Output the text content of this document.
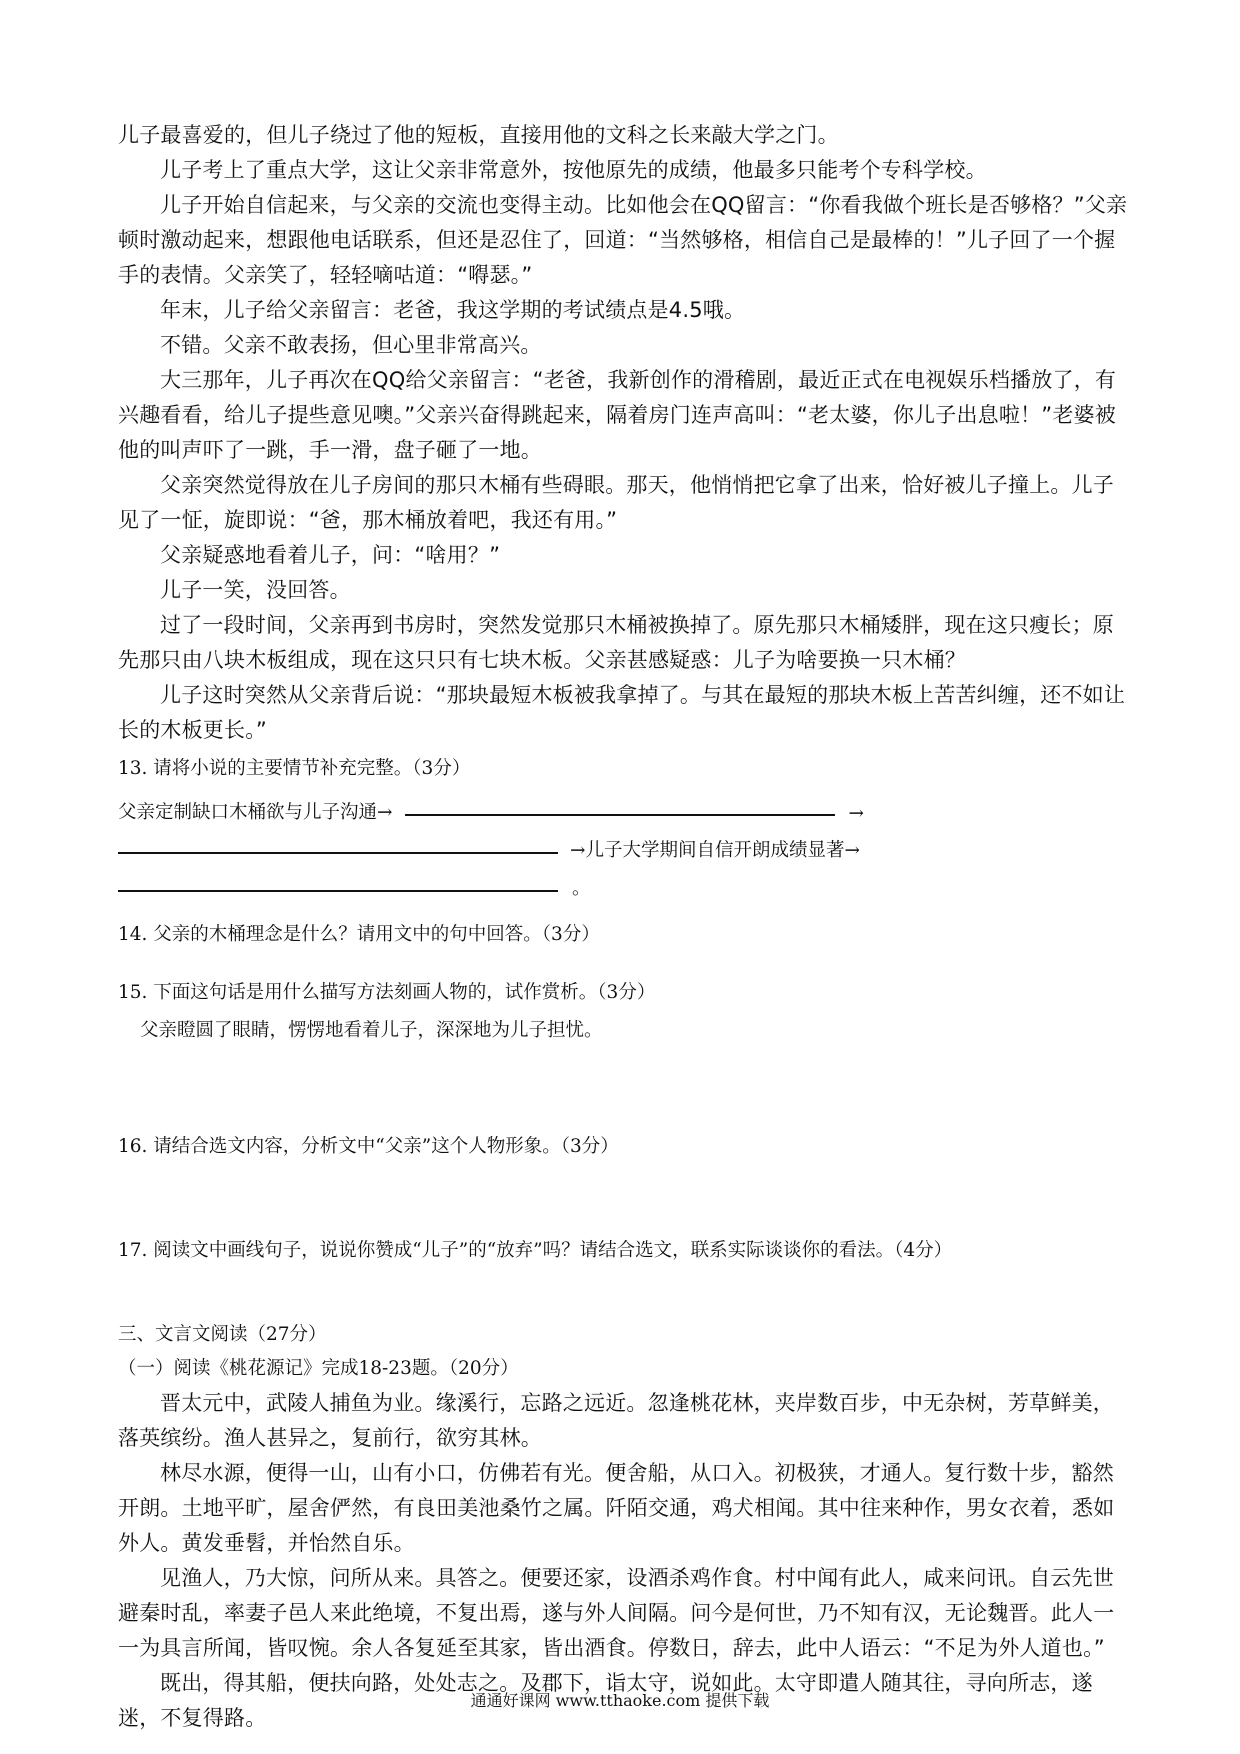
儿子最喜爱的，但儿子绕过了他的短板，直接用他的文科之长来敲大学之门。

儿子考上了重点大学，这让父亲非常意外，按他原先的成绩，他最多只能考个专科学校。

儿子开始自信起来，与父亲的交流也变得主动。比如他会在QQ留言：“你看我做个班长是否够格？”父亲顿时激动起来，想跟他电话联系，但还是忍住了，回道：“当然够格，相信自己是最棒的！”儿子回了一个握手的表情。父亲笑了，轻轻嘀咕道：“嘚瑟。”

年末，儿子给父亲留言：老爸，我这学期的考试绩点是4.5哦。

不错。父亲不敢表扬，但心里非常高兴。

大三那年，儿子再次在QQ给父亲留言：“老爸，我新创作的滑稽剧，最近正式在电视娱乐档播放了，有兴趣看看，给儿子提些意见噢。”父亲兴奋得跳起来，隔着房门连声高叫：“老太婆，你儿子出息啦！”老婆被他的叫声吓了一跳，手一滑，盘子砸了一地。

父亲突然觉得放在儿子房间的那只木桶有些碍眼。那天，他悄悄把它拿了出来，恰好被儿子撞上。儿子见了一怔，旋即说：“爸，那木桶放着吧，我还有用。”

父亲疑惑地看着儿子，问：“啥用？”

儿子一笑，没回答。

过了一段时间，父亲再到书房时，突然发觉那只木桶被换掉了。原先那只木桶矮胖，现在这只瘦长；原先那只由八块木板组成，现在这只只有七块木板。父亲甚感疑惑：儿子为啥要换一只木桶？

儿子这时突然从父亲背后说：“那块最短木板被我拿掉了。与其在最短的那块木板上苦苦纠缠，还不如让长的木板更长。”

13. 请将小说的主要情节补充完整。（3分）

父亲定制缺口木桶欲与儿子沟通→	→
→儿子大学期间自信开朗成绩显著→
。

14. 父亲的木桶理念是什么？请用文中的句中回答。（3分）

15. 下面这句话是用什么描写方法刻画人物的，试作赏析。（3分）

父亲瞪圆了眼睛，愣愣地看着儿子，深深地为儿子担忧。

16. 请结合选文内容，分析文中“父亲”这个人物形象。（3分）

17. 阅读文中画线句子，说说你赞成“儿子”的“放弃”吗？请结合选文，联系实际谈谈你的看法。（4分）

三、文言文阅读（27分）

（一）阅读《桃花源记》完成18-23题。（20分）

晋太元中，武陵人捕鱼为业。缘溪行，忘路之远近。忽逢桃花林，夹岸数百步，中无杂树，芳草鲜美，落英缤纷。渔人甚异之，复前行，欲穷其林。

林尽水源，便得一山，山有小口，仿佛若有光。便舍船，从口入。初极狭，才通人。复行数十步，豁然开朗。土地平旷，屋舍俨然，有良田美池桑竹之属。阡陌交通，鸡犬相闻。其中往来种作，男女衣着，悉如外人。黄发垂髫，并怡然自乐。

见渔人，乃大惊，问所从来。具答之。便要还家，设酒杀鸡作食。村中闻有此人，咸来问讯。自云先世避秦时乱，率妻子邑人来此绝境，不复出焉，遂与外人间隔。问今是何世，乃不知有汉，无论魏晋。此人一一为具言所闻，皆叹惋。余人各复延至其家，皆出酒食。停数日，辞去，此中人语云：“不足为外人道也。”

既出，得其船，便扶向路，处处志之。及郡下，诣太守，说如此。太守即遣人随其往，寻向所志，遂迷，不复得路。

通通好课网 www.tthaoke.com 提供下载
